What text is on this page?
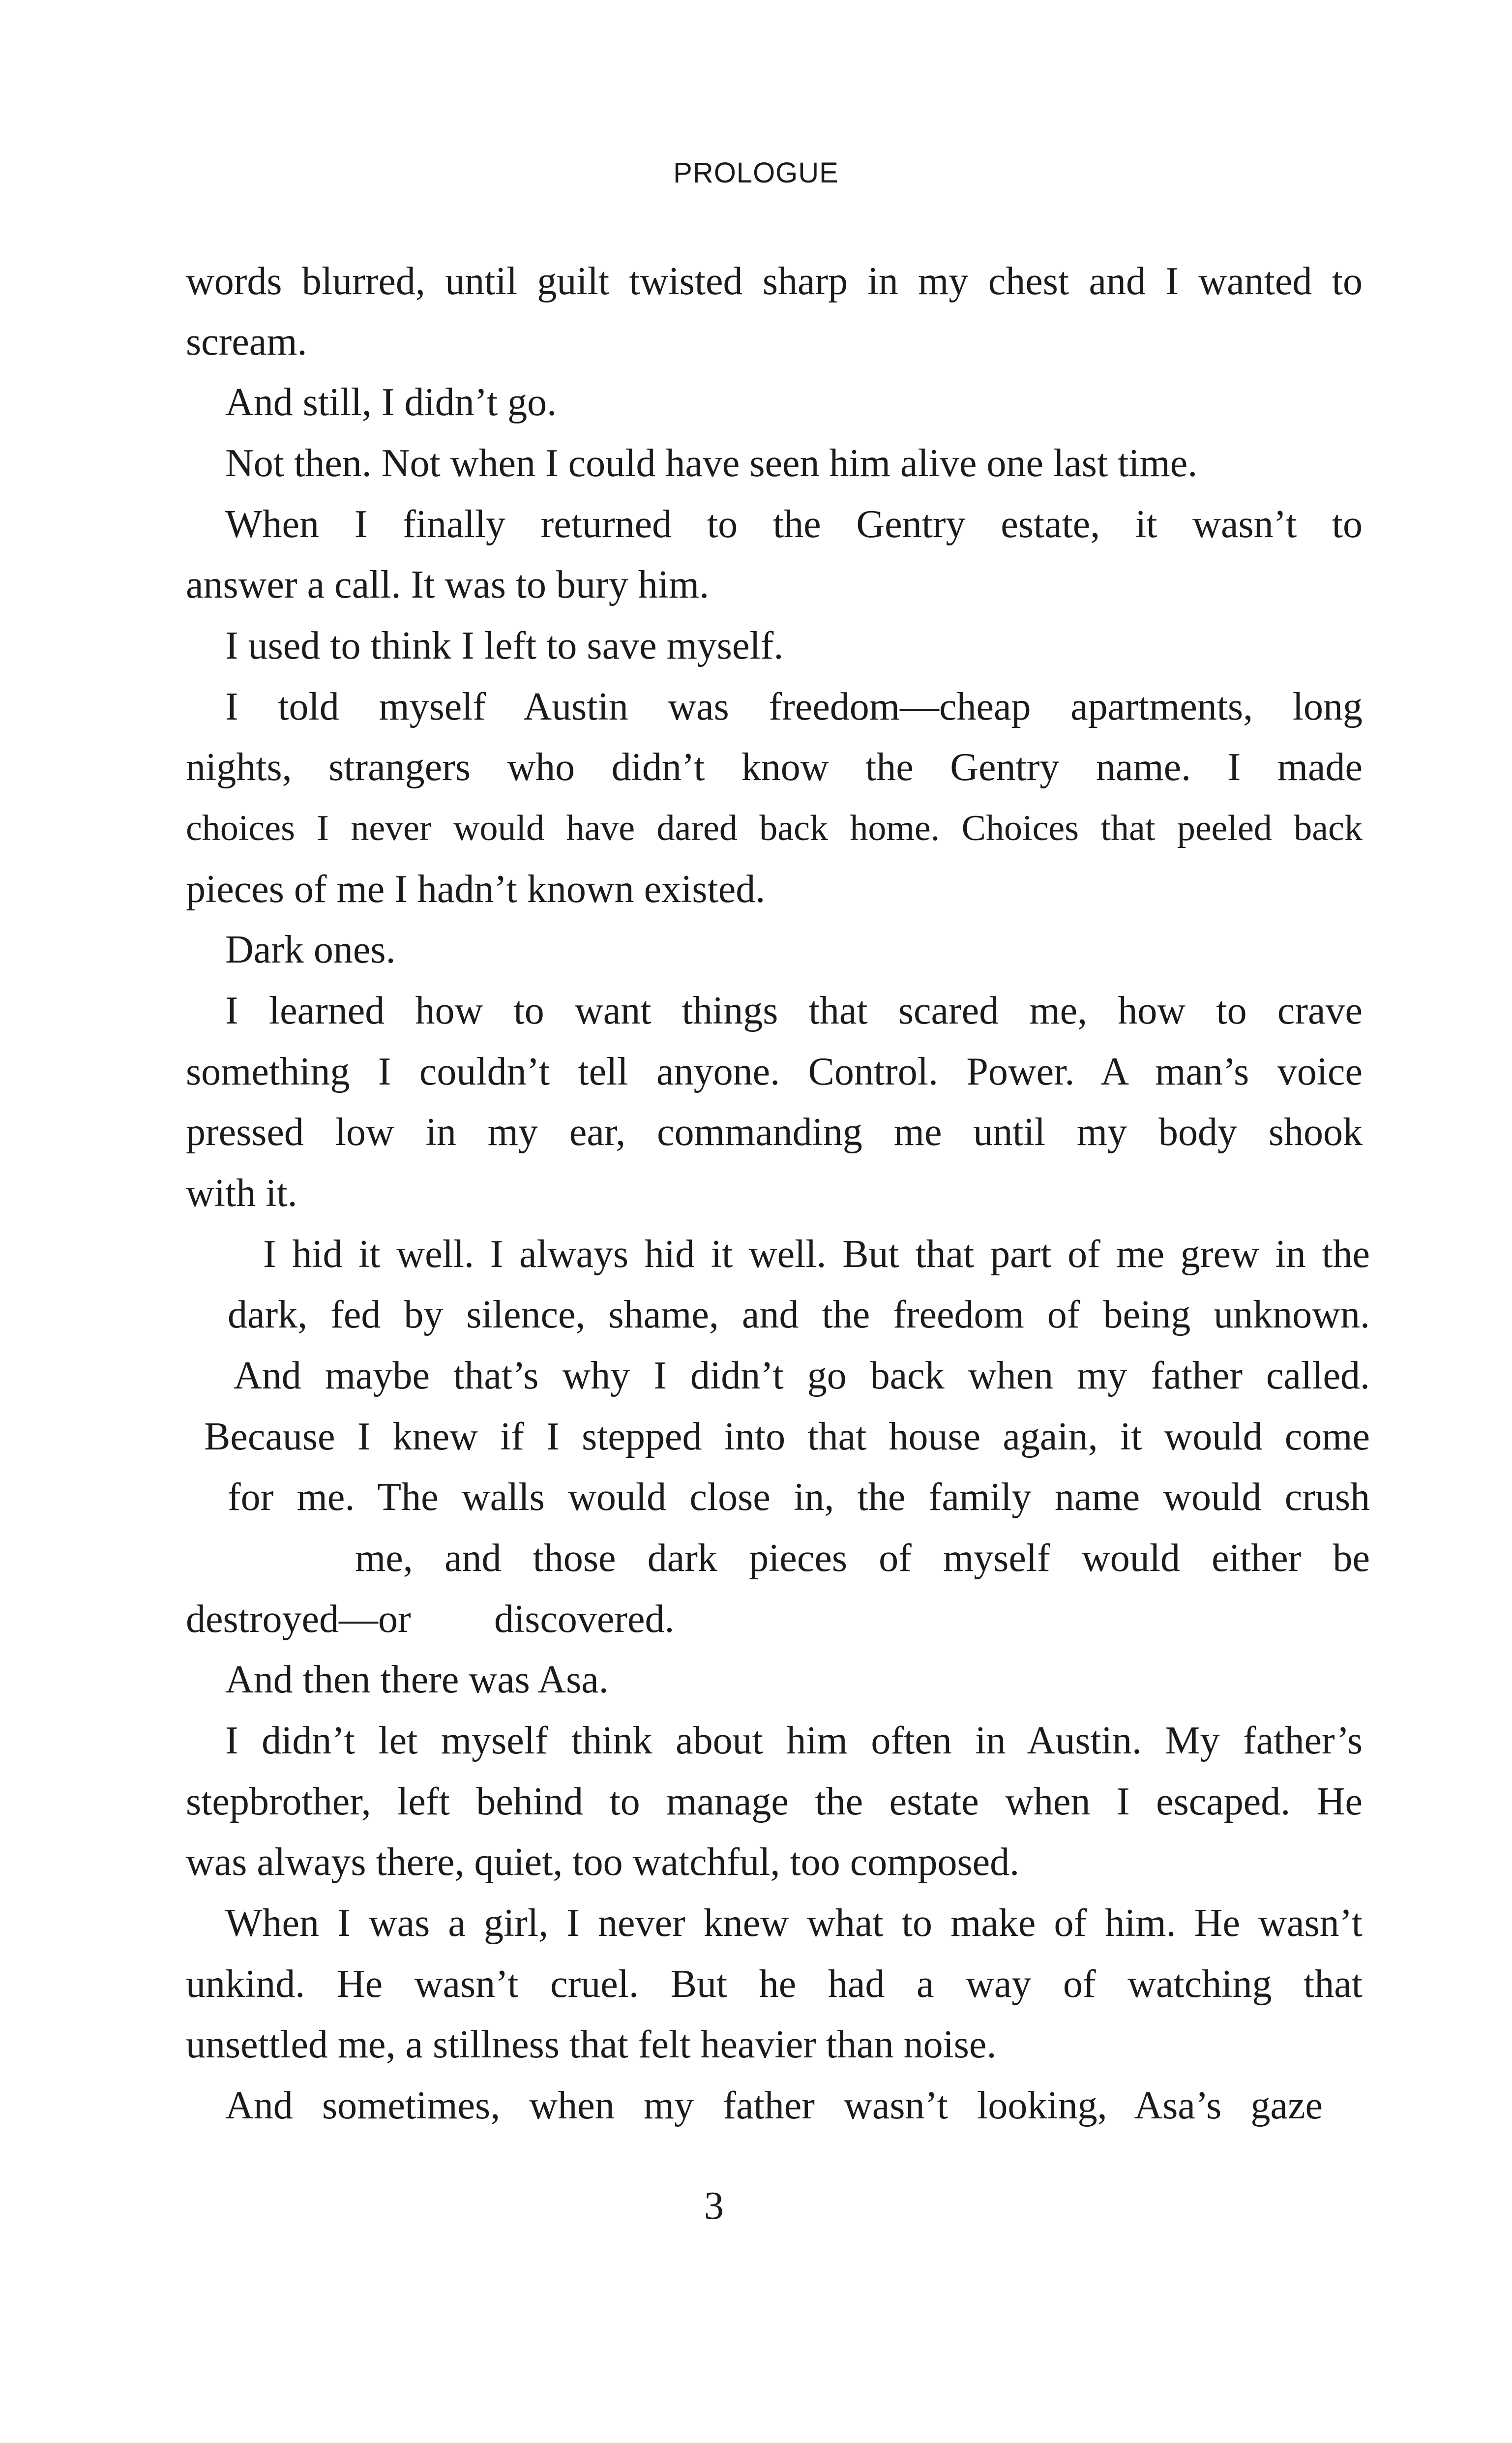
PROLOGUE
words blurred, until guilt twisted sharp in my chest and I wanted to
scream.
And still, I didn’t go.
Not then. Not when I could have seen him alive one last time.
When I finally returned to the Gentry estate, it wasn’t to
answer a call. It was to bury him.
I used to think I left to save myself.
I told myself Austin was freedom—cheap apartments, long
nights, strangers who didn’t know the Gentry name. I made
choices I never would have dared back home. Choices that peeled back
pieces of me I hadn’t known existed.
Dark ones.
I learned how to want things that scared me, how to crave
something I couldn’t tell anyone. Control. Power. A man’s voice
pressed low in my ear, commanding me until my body shook
with it.
I hid it well. I always hid it well. But that part of me grew in the
dark, fed by silence, shame, and the freedom of being unknown.
And maybe that’s why I didn’t go back when my father called.
Because I knew if I stepped into that house again, it would come
for me. The walls would close in, the family name would crush
me, and those dark pieces of myself would either be
destroyed—or	discovered.
And then there was Asa.
I didn’t let myself think about him often in Austin. My father’s
stepbrother, left behind to manage the estate when I escaped. He
was always there, quiet, too watchful, too composed.
When I was a girl, I never knew what to make of him. He wasn’t
unkind. He wasn’t cruel. But he had a way of watching that
unsettled me, a stillness that felt heavier than noise.
And sometimes, when my father wasn’t looking, Asa’s gaze
3
